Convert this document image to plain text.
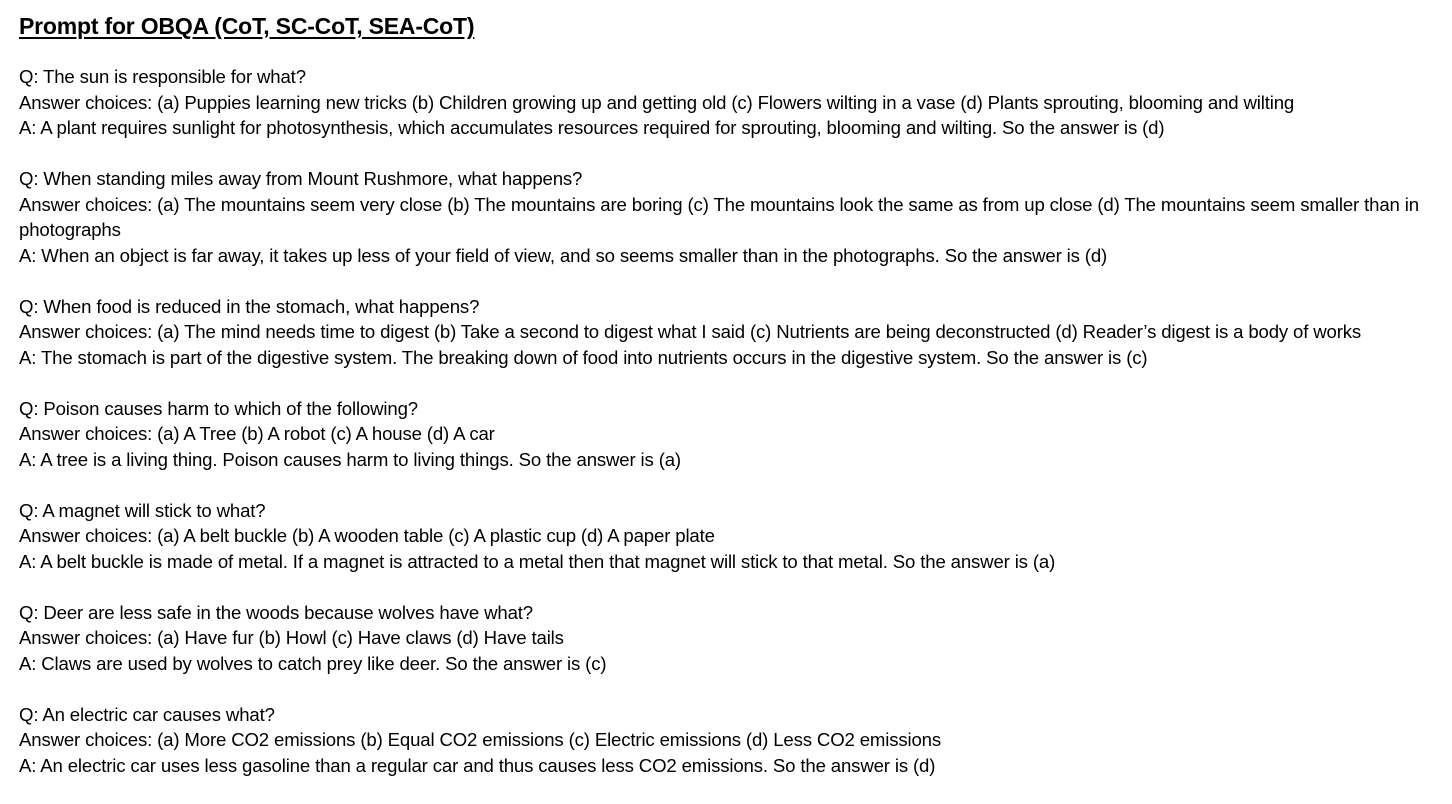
Prompt for OBQA (CoT, SC-CoT, SEA-CoT)
Q: The sun is responsible for what?
Answer choices: (a) Puppies learning new tricks (b) Children growing up and getting old (c) Flowers wilting in a vase (d) Plants sprouting, blooming and wilting
A: A plant requires sunlight for photosynthesis, which accumulates resources required for sprouting, blooming and wilting. So the answer is (d)
Q: When standing miles away from Mount Rushmore, what happens?
Answer choices: (a) The mountains seem very close (b) The mountains are boring (c) The mountains look the same as from up close (d) The mountains seem smaller than in photographs
A: When an object is far away, it takes up less of your field of view, and so seems smaller than in the photographs. So the answer is (d)
Q: When food is reduced in the stomach, what happens?
Answer choices: (a) The mind needs time to digest (b) Take a second to digest what I said (c) Nutrients are being deconstructed (d) Reader’s digest is a body of works
A: The stomach is part of the digestive system. The breaking down of food into nutrients occurs in the digestive system. So the answer is (c)
Q: Poison causes harm to which of the following?
Answer choices: (a) A Tree (b) A robot (c) A house (d) A car
A: A tree is a living thing. Poison causes harm to living things. So the answer is (a)
Q: A magnet will stick to what?
Answer choices: (a) A belt buckle (b) A wooden table (c) A plastic cup (d) A paper plate
A: A belt buckle is made of metal. If a magnet is attracted to a metal then that magnet will stick to that metal. So the answer is (a)
Q: Deer are less safe in the woods because wolves have what?
Answer choices: (a) Have fur (b) Howl (c) Have claws (d) Have tails
A: Claws are used by wolves to catch prey like deer. So the answer is (c)
Q: An electric car causes what?
Answer choices: (a) More CO2 emissions (b) Equal CO2 emissions (c) Electric emissions (d) Less CO2 emissions
A: An electric car uses less gasoline than a regular car and thus causes less CO2 emissions. So the answer is (d)
